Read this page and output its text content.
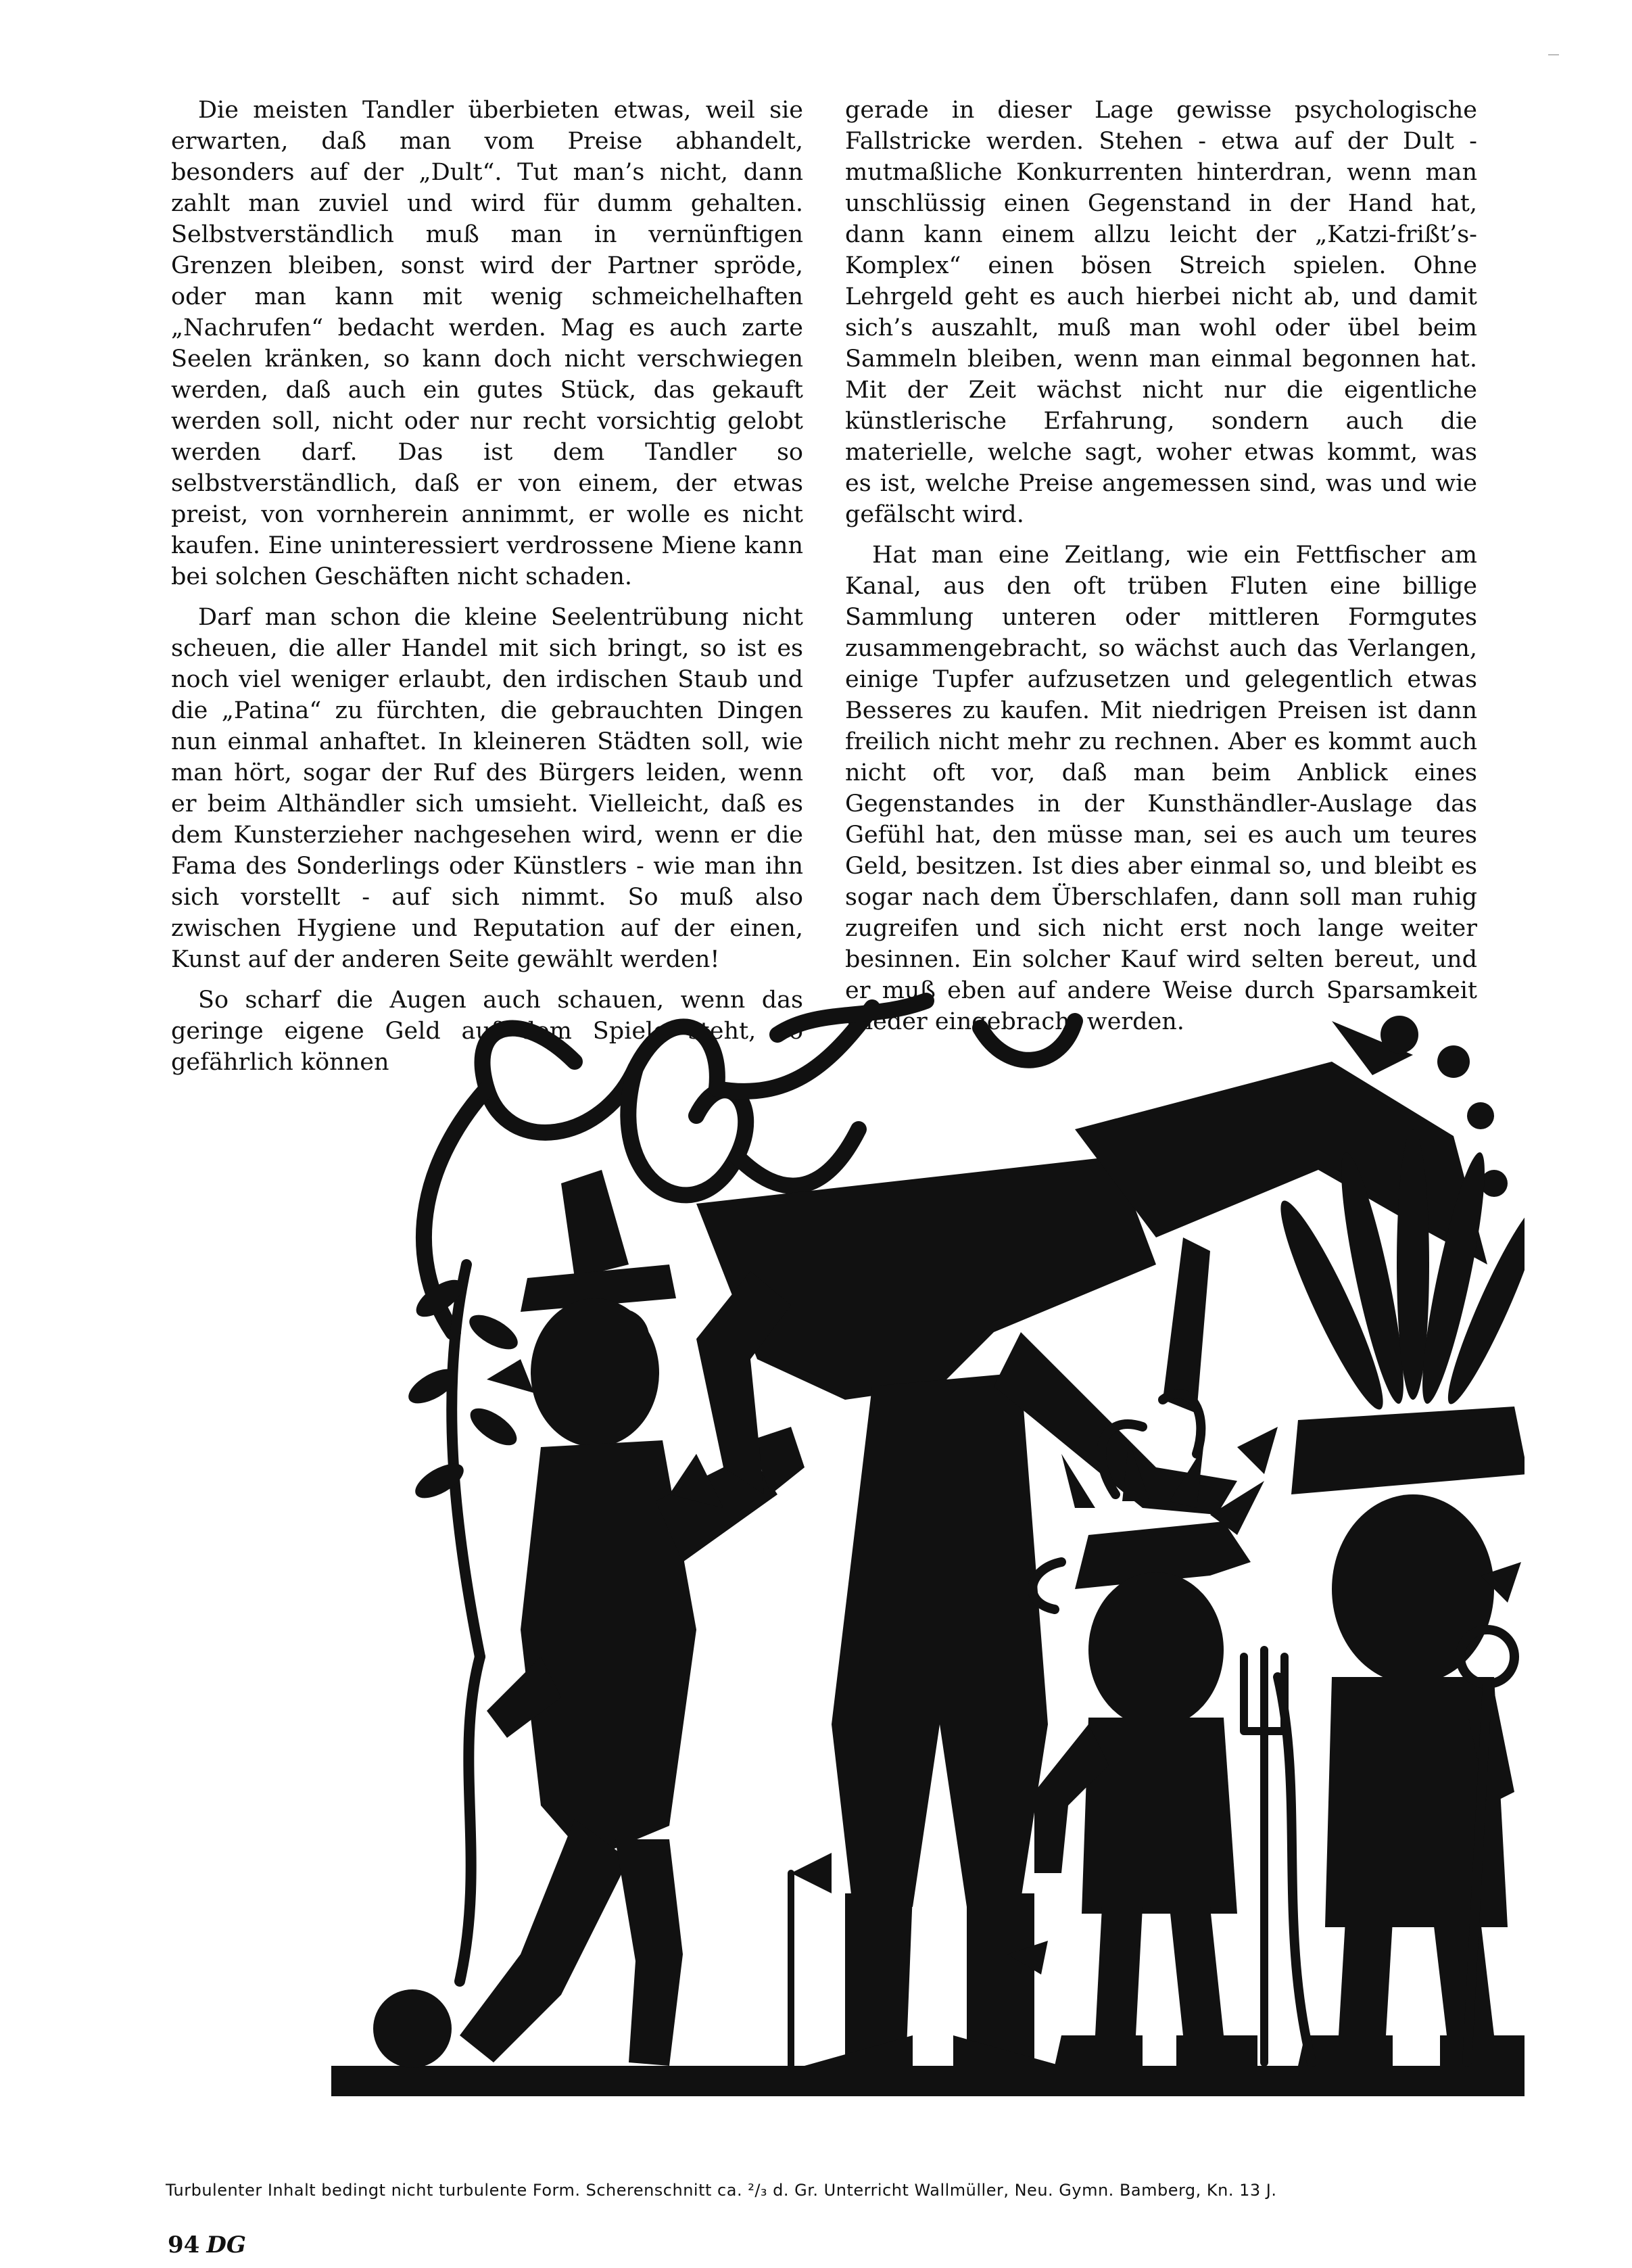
Die meisten Tandler überbieten etwas, weil sie erwarten, daß man vom Preise abhandelt, besonders auf der „Dult“. Tut man’s nicht, dann zahlt man zuviel und wird für dumm gehalten. Selbstverständlich muß man in vernünftigen Grenzen bleiben, sonst wird der Partner spröde, oder man kann mit wenig schmeichelhaften „Nachrufen“ bedacht werden. Mag es auch zarte Seelen kränken, so kann doch nicht verschwiegen werden, daß auch ein gutes Stück, das gekauft werden soll, nicht oder nur recht vorsichtig gelobt werden darf. Das ist dem Tandler so selbstverständlich, daß er von einem, der etwas preist, von vornherein annimmt, er wolle es nicht kaufen. Eine uninteressiert verdrossene Miene kann bei solchen Geschäften nicht schaden.

Darf man schon die kleine Seelentrübung nicht scheuen, die aller Handel mit sich bringt, so ist es noch viel weniger erlaubt, den irdischen Staub und die „Patina“ zu fürchten, die gebrauchten Dingen nun einmal anhaftet. In kleineren Städten soll, wie man hört, sogar der Ruf des Bürgers leiden, wenn er beim Althändler sich umsieht. Vielleicht, daß es dem Kunsterzieher nachgesehen wird, wenn er die Fama des Sonderlings oder Künstlers - wie man ihn sich vorstellt - auf sich nimmt. So muß also zwischen Hygiene und Reputation auf der einen, Kunst auf der anderen Seite gewählt werden!

So scharf die Augen auch schauen, wenn das geringe eigene Geld auf dem Spiele steht, so gefährlich können

gerade in dieser Lage gewisse psychologische Fallstricke werden. Stehen - etwa auf der Dult - mutmaßliche Konkurrenten hinterdran, wenn man unschlüssig einen Gegenstand in der Hand hat, dann kann einem allzu leicht der „Katzi-frißt’s-Komplex“ einen bösen Streich spielen. Ohne Lehrgeld geht es auch hierbei nicht ab, und damit sich’s auszahlt, muß man wohl oder übel beim Sammeln bleiben, wenn man einmal begonnen hat. Mit der Zeit wächst nicht nur die eigentliche künstlerische Erfahrung, sondern auch die materielle, welche sagt, woher etwas kommt, was es ist, welche Preise angemessen sind, was und wie gefälscht wird.

Hat man eine Zeitlang, wie ein Fettfischer am Kanal, aus den oft trüben Fluten eine billige Sammlung unteren oder mittleren Formgutes zusammengebracht, so wächst auch das Verlangen, einige Tupfer aufzusetzen und gelegentlich etwas Besseres zu kaufen. Mit niedrigen Preisen ist dann freilich nicht mehr zu rechnen. Aber es kommt auch nicht oft vor, daß man beim Anblick eines Gegenstandes in der Kunsthändler-Auslage das Gefühl hat, den müsse man, sei es auch um teures Geld, besitzen. Ist dies aber einmal so, und bleibt es sogar nach dem Überschlafen, dann soll man ruhig zugreifen und sich nicht erst noch lange weiter besinnen. Ein solcher Kauf wird selten bereut, und er muß eben auf andere Weise durch Sparsamkeit wieder eingebracht werden.

Turbulenter Inhalt bedingt nicht turbulente Form. Scherenschnitt ca. ²/₃ d. Gr. Unterricht Wallmüller, Neu. Gymn. Bamberg, Kn. 13 J.
94 DG
